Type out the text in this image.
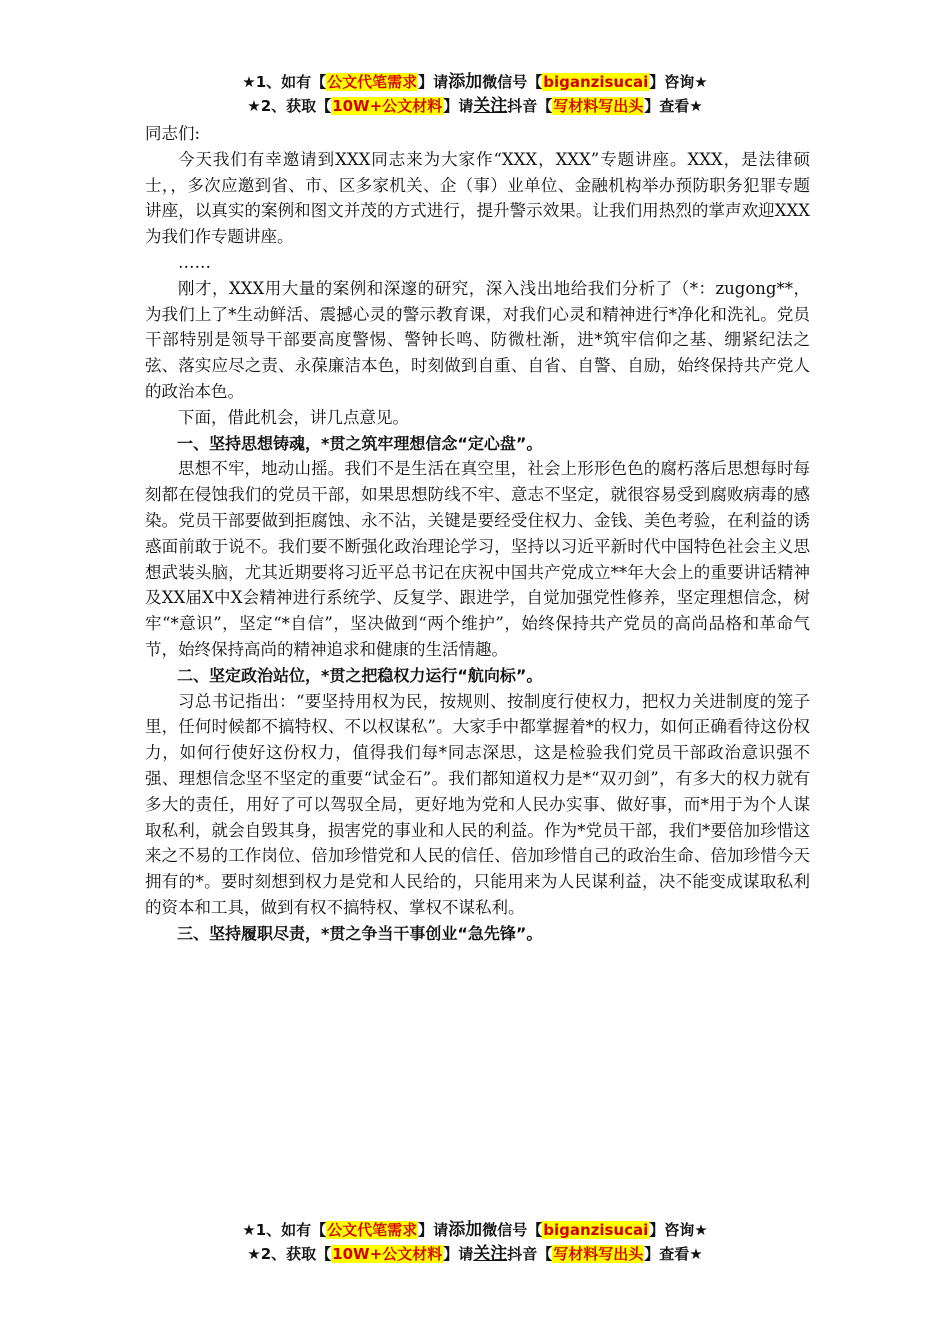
★1、如有【公文代笔需求】请添加微信号【biganzisucai】咨询★
★2、获取【10W+公文材料】请关注抖音【写材料写出头】查看★

同志们:

今天我们有幸邀请到XXX同志来为大家作“XXX，XXX”专题讲座。XXX，是法律硕士，，多次应邀到省、市、区多家机关、企（事）业单位、金融机构举办预防职务犯罪专题讲座，以真实的案例和图文并茂的方式进行，提升警示效果。让我们用热烈的掌声欢迎XXX为我们作专题讲座。

……

刚才，XXX用大量的案例和深邃的研究，深入浅出地给我们分析了（*：zugong**，为我们上了*生动鲜活、震撼心灵的警示教育课，对我们心灵和精神进行*净化和洗礼。党员干部特别是领导干部要高度警惕、警钟长鸣、防微杜渐，进*筑牢信仰之基、绷紧纪法之弦、落实应尽之责、永葆廉洁本色，时刻做到自重、自省、自警、自励，始终保持共产党人的政治本色。

下面，借此机会，讲几点意见。

一、坚持思想铸魂，*贯之筑牢理想信念“定心盘”。

思想不牢，地动山摇。我们不是生活在真空里，社会上形形色色的腐朽落后思想每时每刻都在侵蚀我们的党员干部，如果思想防线不牢、意志不坚定，就很容易受到腐败病毒的感染。党员干部要做到拒腐蚀、永不沾，关键是要经受住权力、金钱、美色考验，在利益的诱惑面前敢于说不。我们要不断强化政治理论学习，坚持以习近平新时代中国特色社会主义思想武装头脑，尤其近期要将习近平总书记在庆祝中国共产党成立**年大会上的重要讲话精神及XX届X中X会精神进行系统学、反复学、跟进学，自觉加强党性修养，坚定理想信念，树牢“*意识”，坚定“*自信”，坚决做到“两个维护”，始终保持共产党员的高尚品格和革命气节，始终保持高尚的精神追求和健康的生活情趣。

二、坚定政治站位，*贯之把稳权力运行“航向标”。

习总书记指出：“要坚持用权为民，按规则、按制度行使权力，把权力关进制度的笼子里，任何时候都不搞特权、不以权谋私”。大家手中都掌握着*的权力，如何正确看待这份权力，如何行使好这份权力，值得我们每*同志深思，这是检验我们党员干部政治意识强不强、理想信念坚不坚定的重要“试金石”。我们都知道权力是*“双刃剑”，有多大的权力就有多大的责任，用好了可以驾驭全局，更好地为党和人民办实事、做好事，而*用于为个人谋取私利，就会自毁其身，损害党的事业和人民的利益。作为*党员干部，我们*要倍加珍惜这来之不易的工作岗位、倍加珍惜党和人民的信任、倍加珍惜自己的政治生命、倍加珍惜今天拥有的*。要时刻想到权力是党和人民给的，只能用来为人民谋利益，决不能变成谋取私利的资本和工具，做到有权不搞特权、掌权不谋私利。

三、坚持履职尽责，*贯之争当干事创业“急先锋”。

★1、如有【公文代笔需求】请添加微信号【biganzisucai】咨询★
★2、获取【10W+公文材料】请关注抖音【写材料写出头】查看★
